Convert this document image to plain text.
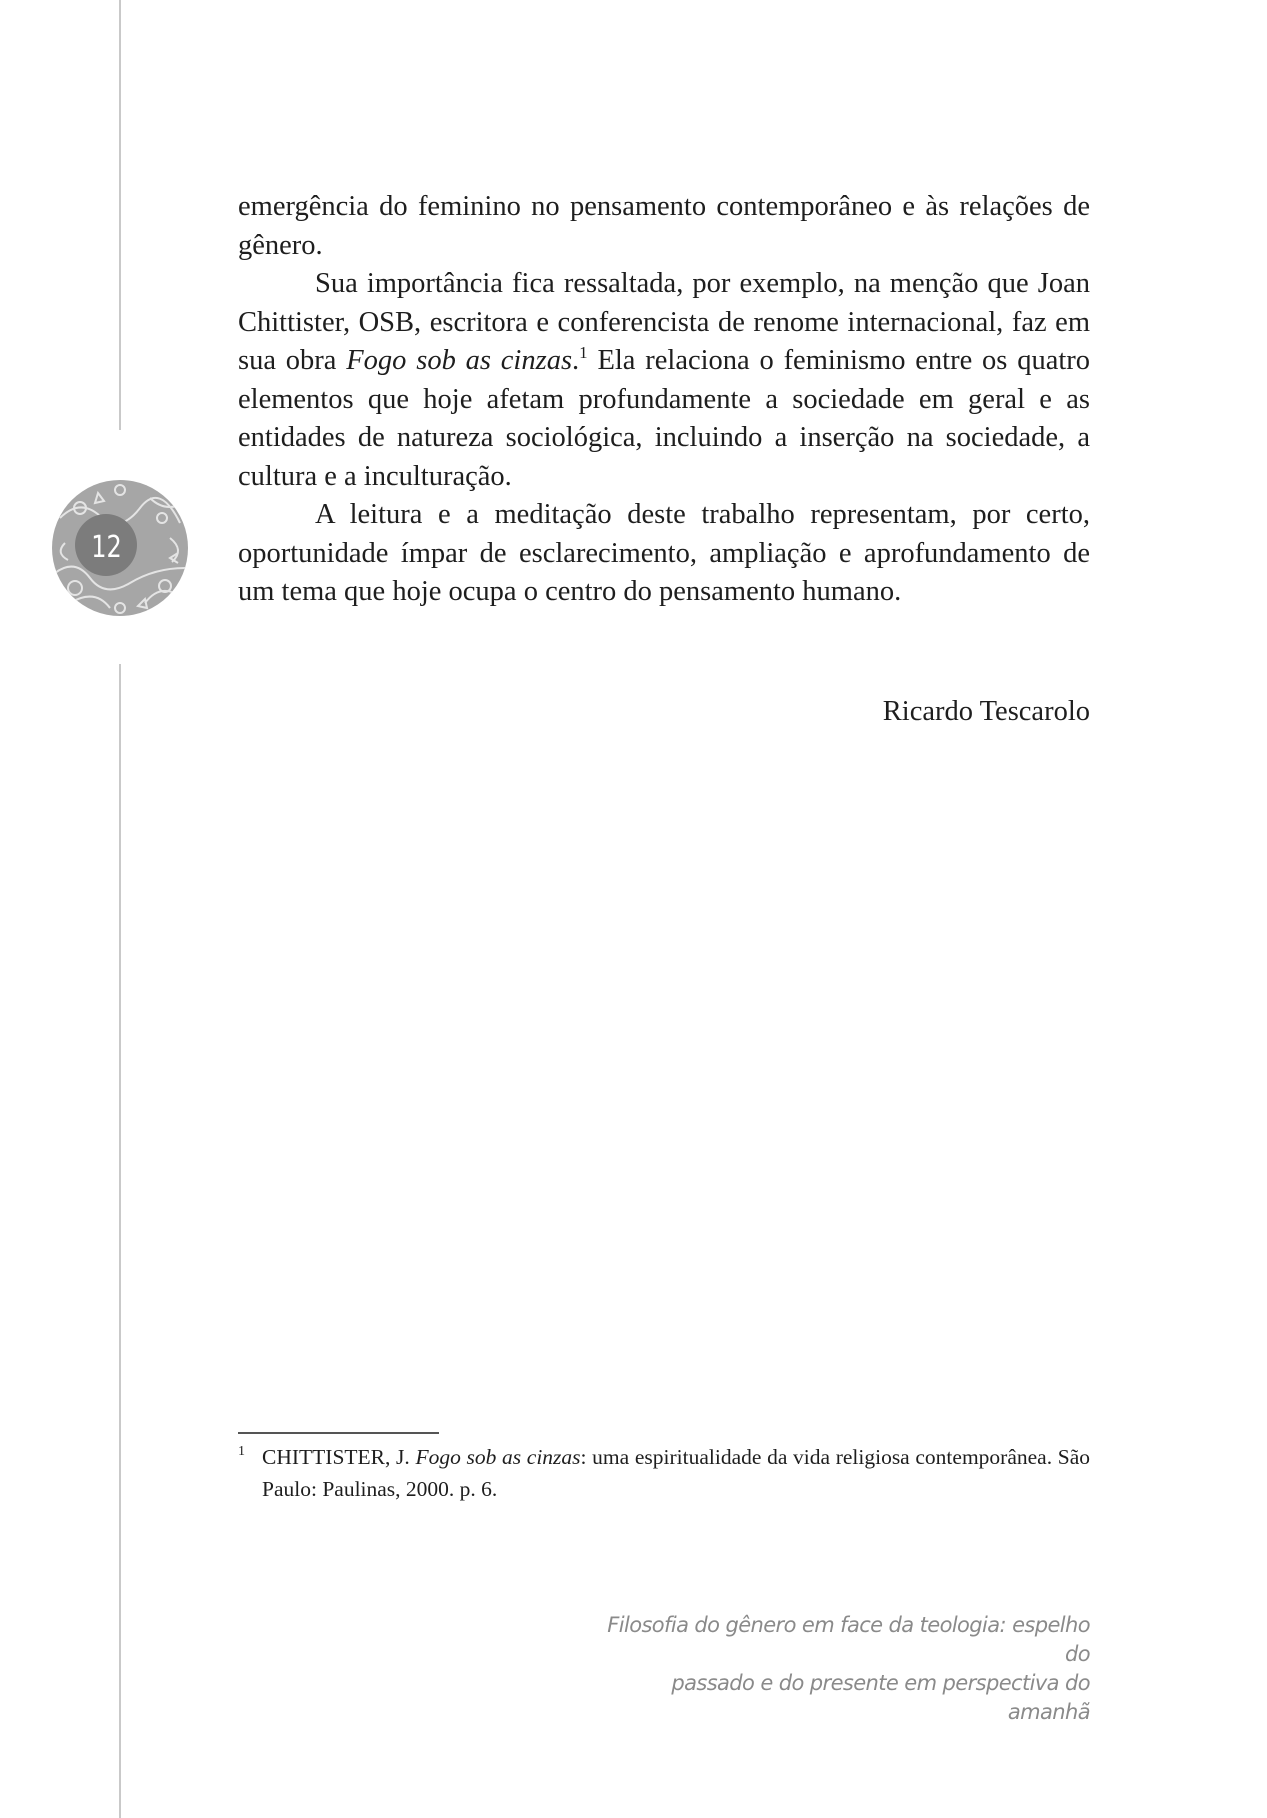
12

emergência do feminino no pensamento contemporâneo e às relações de gênero.

Sua importância fica ressaltada, por exemplo, na menção que Joan Chittister, OSB, escritora e conferencista de renome internacional, faz em sua obra Fogo sob as cinzas.$^1$ Ela relaciona o feminismo entre os quatro elementos que hoje afetam profundamente a sociedade em geral e as entidades de natureza sociológica, incluindo a inserção na sociedade, a cultura e a inculturação.

A leitura e a meditação deste trabalho representam, por certo, oportunidade ímpar de esclarecimento, ampliação e aprofundamento de um tema que hoje ocupa o centro do pensamento humano.

Ricardo Tescarolo
1 CHITTISTER, J. Fogo sob as cinzas: uma espiritualidade da vida religiosa contemporânea. São Paulo: Paulinas, 2000. p. 6.
Filosofia do gênero em face da teologia: espelho do
passado e do presente em perspectiva do amanhã
